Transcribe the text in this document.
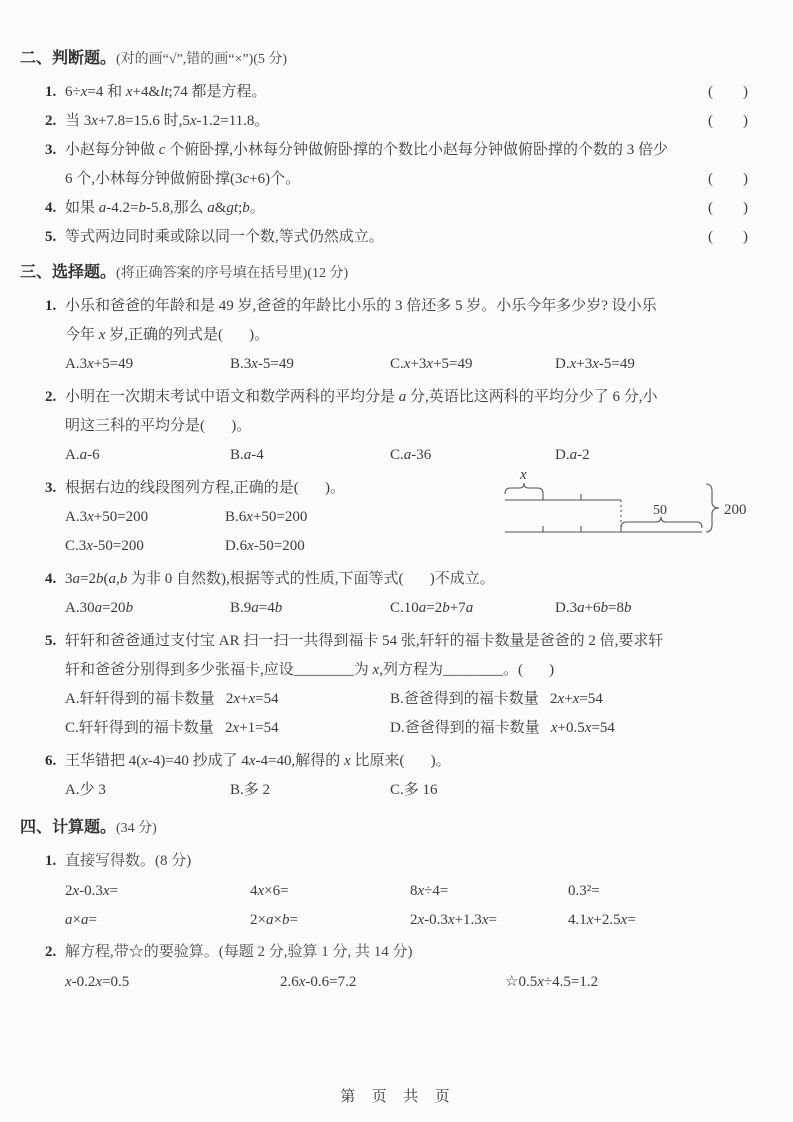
二、判断题。(对的画“√”,错的画“×”)(5 分)
1. 6÷x=4 和 x+4&lt;74 都是方程。	(        )
2. 当 3x+7.8=15.6 时,5x-1.2=11.8。	(        )
3. 小赵每分钟做 c 个俯卧撑,小林每分钟做俯卧撑的个数比小赵每分钟做俯卧撑的个数的 3 倍少
6 个,小林每分钟做俯卧撑(3c+6)个。	(        )
4. 如果 a-4.2=b-5.8,那么 a&gt;b。	(        )
5. 等式两边同时乘或除以同一个数,等式仍然成立。	(        )
三、选择题。(将正确答案的序号填在括号里)(12 分)
1. 小乐和爸爸的年龄和是 49 岁,爸爸的年龄比小乐的 3 倍还多 5 岁。小乐今年多少岁? 设小乐
今年 x 岁,正确的列式是(       )。
A.3x+5=49	B.3x-5=49	C.x+3x+5=49	D.x+3x-5=49
2. 小明在一次期末考试中语文和数学两科的平均分是 a 分,英语比这两科的平均分少了 6 分,小
明这三科的平均分是(       )。
A.a-6	B.a-4	C.a-36	D.a-2
3. 根据右边的线段图列方程,正确的是(       )。
A.3x+50=200	B.6x+50=200
C.3x-50=200	D.6x-50=200
x
50	200
4. 3a=2b(a,b 为非 0 自然数),根据等式的性质,下面等式(       )不成立。
A.30a=20b	B.9a=4b	C.10a=2b+7a	D.3a+6b=8b
5. 轩轩和爸爸通过支付宝 AR 扫一扫一共得到福卡 54 张,轩轩的福卡数量是爸爸的 2 倍,要求轩
轩和爸爸分别得到多少张福卡,应设________为 x,列方程为________。(       )
A.轩轩得到的福卡数量   2x+x=54	B.爸爸得到的福卡数量   2x+x=54
C.轩轩得到的福卡数量   2x+1=54	D.爸爸得到的福卡数量   x+0.5x=54
6. 王华错把 4(x-4)=40 抄成了 4x-4=40,解得的 x 比原来(       )。
A.少 3	B.多 2	C.多 16
四、计算题。(34 分)
1. 直接写得数。(8 分)
2x-0.3x=	4x×6=	8x÷4=	0.3²=
a×a=	2×a×b=	2x-0.3x+1.3x=	4.1x+2.5x=
2. 解方程,带☆的要验算。(每题 2 分,验算 1 分, 共 14 分)
x-0.2x=0.5	2.6x-0.6=7.2	☆0.5x÷4.5=1.2
第  页  共  页
